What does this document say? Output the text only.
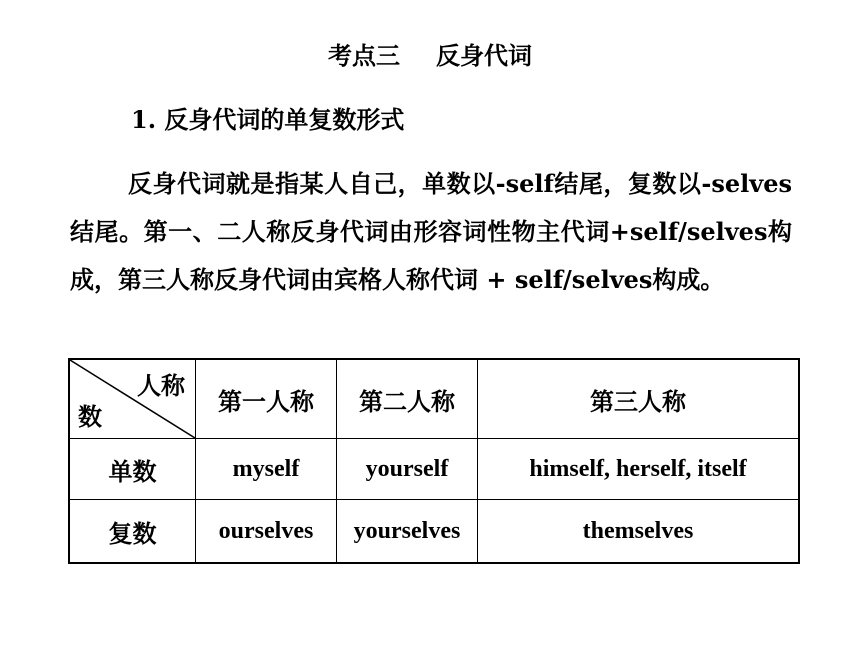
考点三 反身代词
1. 反身代词的单复数形式
反身代词就是指某人自己，单数以-self结尾，复数以-selves 结尾。第一、二人称反身代词由形容词性物主代词+self/selves构成，第三人称反身代词由宾格人称代词 + self/selves构成。
人称
数	第一人称	第二人称	第三人称
单数	myself	yourself	himself, herself, itself
复数	ourselves	yourselves	themselves
